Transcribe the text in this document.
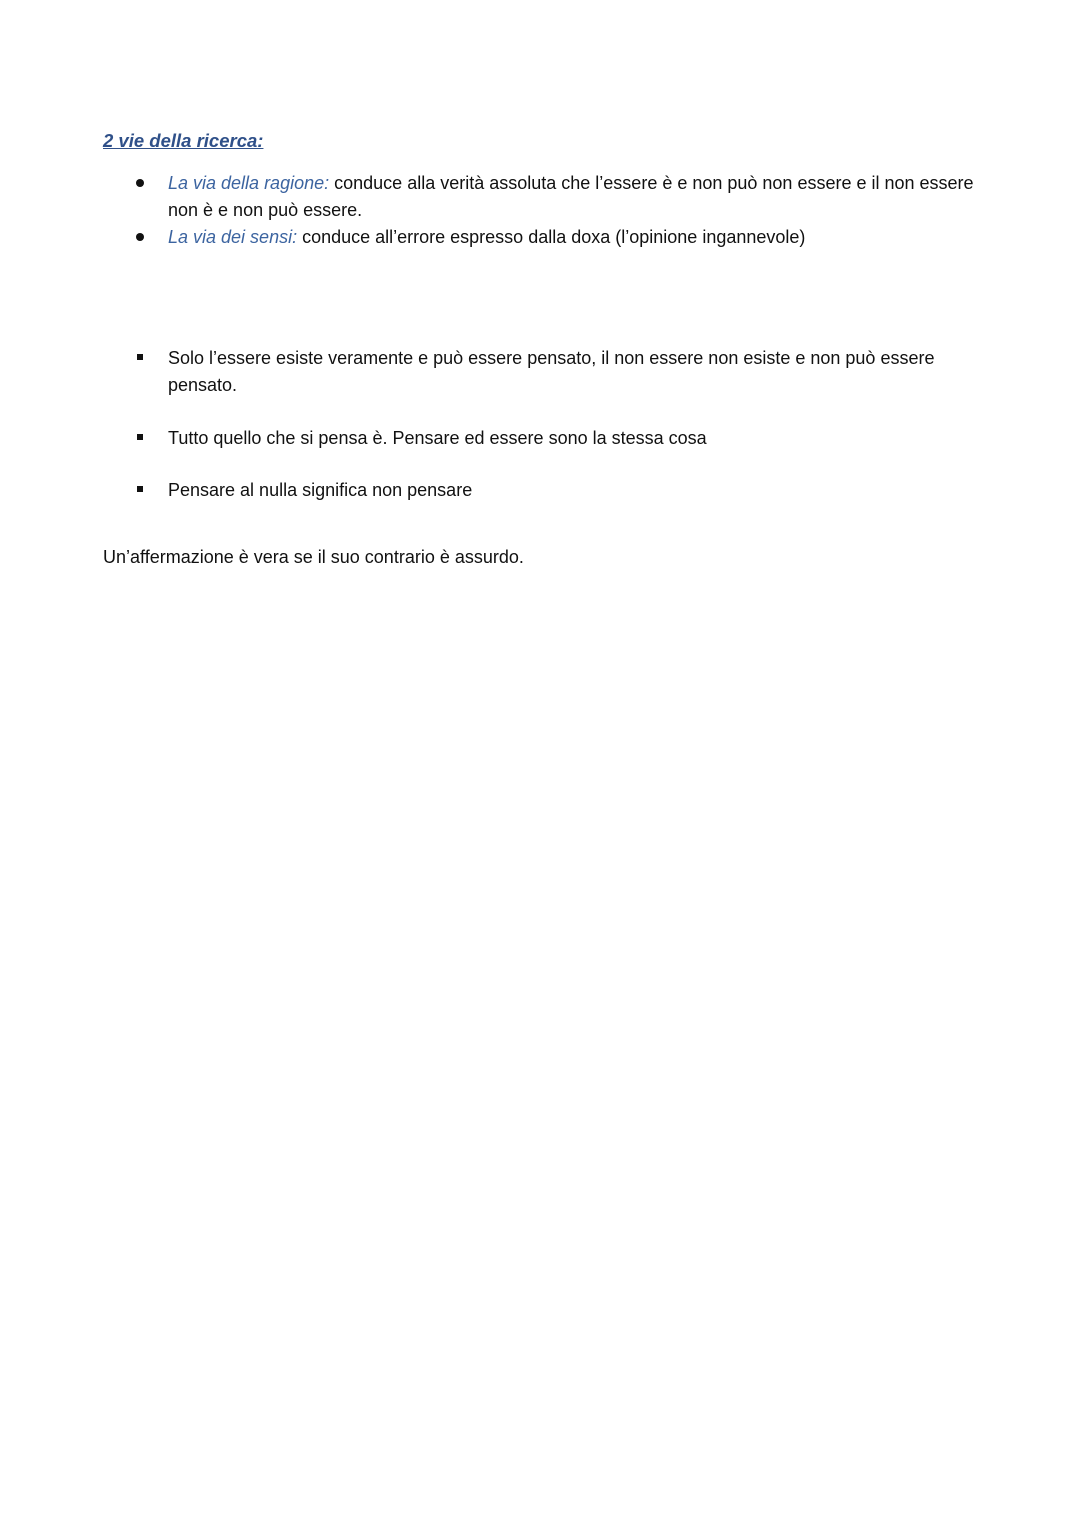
2 vie della ricerca:
La via della ragione: conduce alla verità assoluta che l’essere è e non può non essere e il non essere non è e non può essere.
La via dei sensi: conduce all’errore espresso dalla doxa (l’opinione ingannevole)
Solo l’essere esiste veramente e può essere pensato, il non essere non esiste e non può essere pensato.
Tutto quello che si pensa è. Pensare ed essere sono la stessa cosa
Pensare al nulla significa non pensare
Un’affermazione è vera se il suo contrario è assurdo.
